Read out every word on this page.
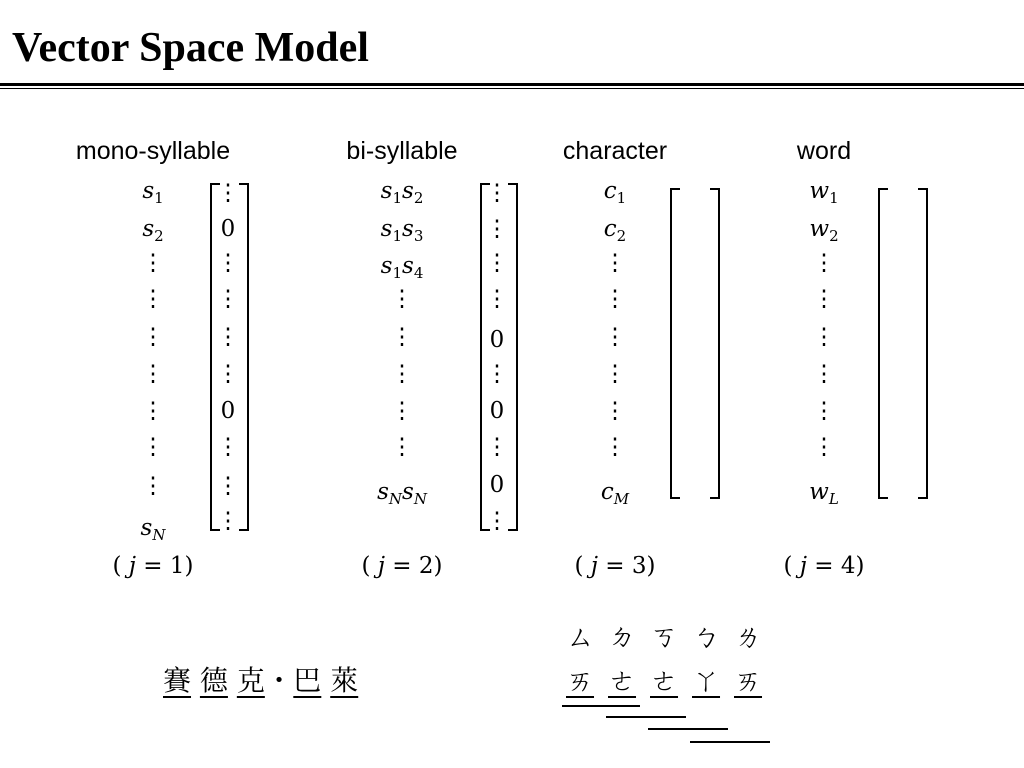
Vector Space Model
mono-syllable
$s_1$
$s_2$
⋮
⋮
⋮
⋮
⋮
⋮
⋮
$s_N$
⋮
0
⋮
⋮
⋮
⋮
0
⋮
⋮
⋮
( j = 1)
bi-syllable
$s_1s_2$
$s_1s_3$
$s_1s_4$
⋮
⋮
⋮
⋮
⋮
$s_Ns_N$
⋮
⋮
⋮
⋮
0
⋮
0
⋮
0
⋮
( j = 2)
character
$c_1$
$c_2$
⋮
⋮
⋮
⋮
⋮
⋮
$c_M$
( j = 3)
word
$w_1$
$w_2$
⋮
⋮
⋮
⋮
⋮
⋮
$w_L$
( j = 4)
賽 德 克 • 巴 萊
ㄙ ㄉ ㄎ ㄅ ㄌ
ㄞ ㄜ ㄜ ㄚ ㄞ
